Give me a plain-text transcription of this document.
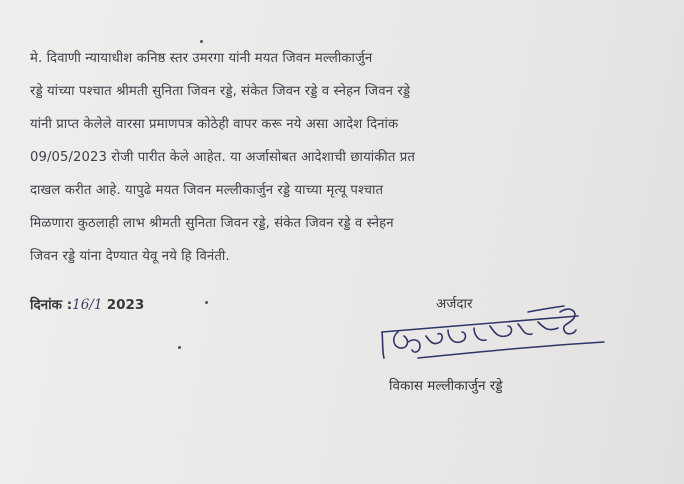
मे. दिवाणी न्यायाधीश कनिष्ठ स्तर उमरगा यांनी मयत जिवन मल्लीकार्जुन
रड्डे यांच्या पश्चात श्रीमती सुनिता जिवन रड्डे, संकेत जिवन रड्डे व स्नेहन जिवन रड्डे
यांनी प्राप्त केलेले वारसा प्रमाणपत्र कोठेही वापर करू नये असा आदेश दिनांक
09/05/2023 रोजी पारीत केले आहेत. या अर्जासोबत आदेशाची छायांकीत प्रत
दाखल करीत आहे. यापुढे मयत जिवन मल्लीकार्जुन रड्डे याच्या मृत्यू पश्चात
मिळणारा कुठलाही लाभ श्रीमती सुनिता जिवन रड्डे, संकेत जिवन रड्डे व स्नेहन
जिवन रड्डे यांना देण्यात येवू नये हि विनंती.
दिनांक :16/1 2023	अर्जदार
विकास मल्लीकार्जुन रड्डे
